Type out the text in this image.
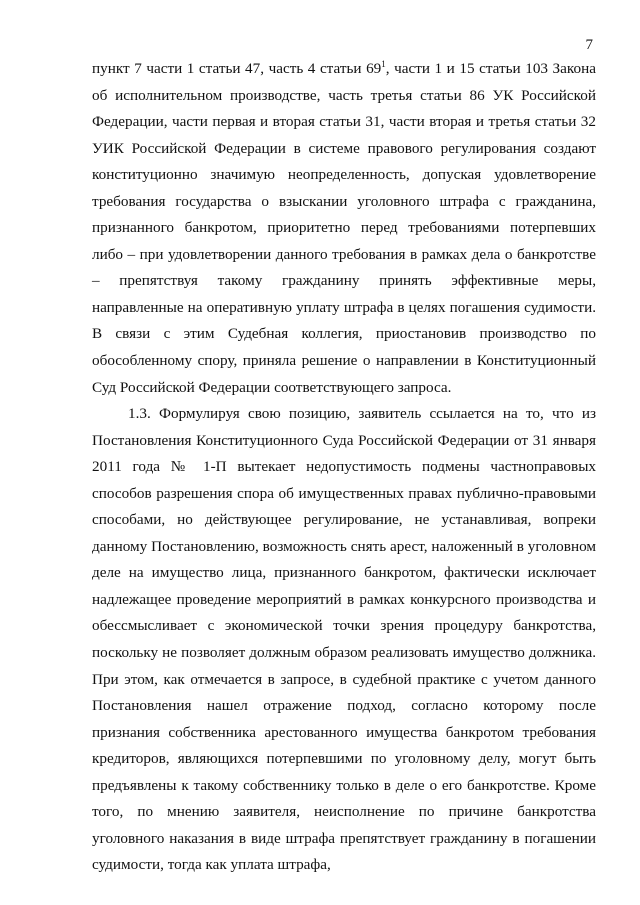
7

пункт 7 части 1 статьи 47, часть 4 статьи $69^1$, части 1 и 15 статьи 103 Закона об исполнительном производстве, часть третья статьи 86 УК Российской Федерации, части первая и вторая статьи 31, части вторая и третья статьи 32 УИК Российской Федерации в системе правового регулирования создают конституционно значимую неопределенность, допуская удовлетворение требования государства о взыскании уголовного штрафа с гражданина, признанного банкротом, приоритетно перед требованиями потерпевших либо – при удовлетворении данного требования в рамках дела о банкротстве – препятствуя такому гражданину принять эффективные меры, направленные на оперативную уплату штрафа в целях погашения судимости. В связи с этим Судебная коллегия, приостановив производство по обособленному спору, приняла решение о направлении в Конституционный Суд Российской Федерации соответствующего запроса.

1.3. Формулируя свою позицию, заявитель ссылается на то, что из Постановления Конституционного Суда Российской Федерации от 31 января 2011 года № 1-П вытекает недопустимость подмены частноправовых способов разрешения спора об имущественных правах публично-правовыми способами, но действующее регулирование, не устанавливая, вопреки данному Постановлению, возможность снять арест, наложенный в уголовном деле на имущество лица, признанного банкротом, фактически исключает надлежащее проведение мероприятий в рамках конкурсного производства и обессмысливает с экономической точки зрения процедуру банкротства, поскольку не позволяет должным образом реализовать имущество должника. При этом, как отмечается в запросе, в судебной практике с учетом данного Постановления нашел отражение подход, согласно которому после признания собственника арестованного имущества банкротом требования кредиторов, являющихся потерпевшими по уголовному делу, могут быть предъявлены к такому собственнику только в деле о его банкротстве. Кроме того, по мнению заявителя, неисполнение по причине банкротства уголовного наказания в виде штрафа препятствует гражданину в погашении судимости, тогда как уплата штрафа,
